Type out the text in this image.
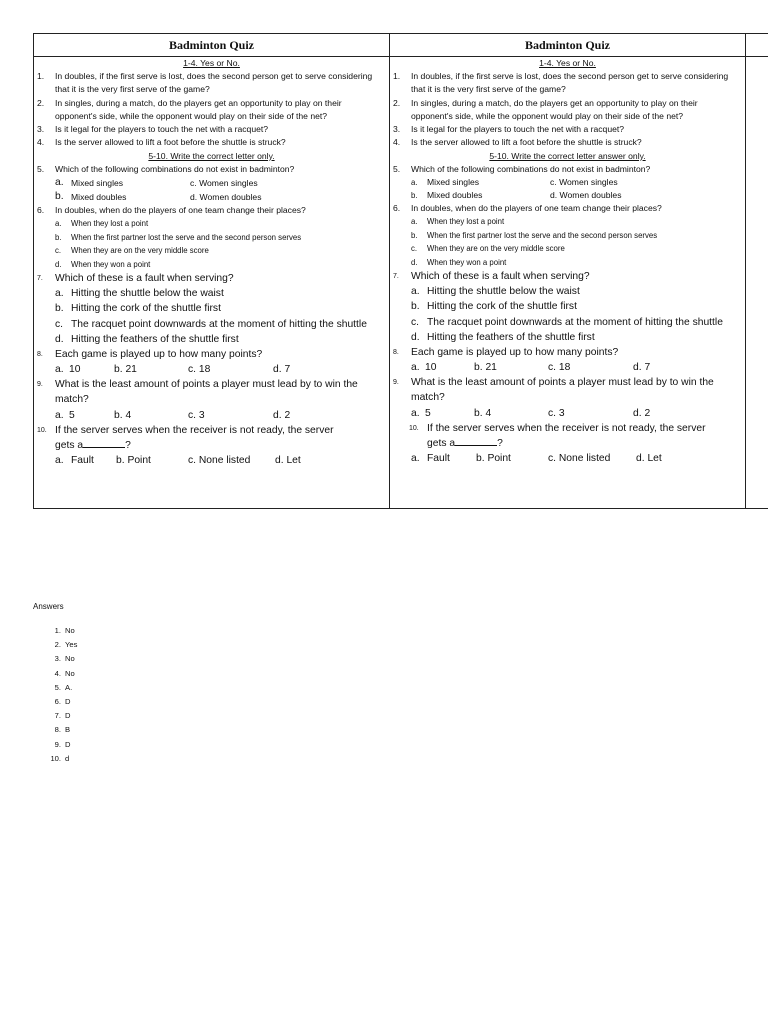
Badminton Quiz
1-4. Yes or No.
1. In doubles, if the first serve is lost, does the second person get to serve considering that it is the very first serve of the game?
2. In singles, during a match, do the players get an opportunity to play on their opponent's side, while the opponent would play on their side of the net?
3. Is it legal for the players to touch the net with a racquet?
4. Is the server allowed to lift a foot before the shuttle is struck?
5-10. Write the correct letter only.
5. Which of the following combinations do not exist in badminton?
a. Mixed singles	c. Women singles
b. Mixed doubles	d. Women doubles
6. In doubles, when do the players of one team change their places?
a. When they lost a point
b. When the first partner lost the serve and the second person serves
c. When they are on the very middle score
d. When they won a point
7. Which of these is a fault when serving?
a. Hitting the shuttle below the waist
b. Hitting the cork of the shuttle first
c. The racquet point downwards at the moment of hitting the shuttle
d. Hitting the feathers of the shuttle first
8. Each game is played up to how many points?
a. 10	b. 21	c. 18	d. 7
9. What is the least amount of points a player must lead by to win the match?
a. 5	b. 4	c. 3	d. 2
10. If the server serves when the receiver is not ready, the server
gets a	?
a. Fault b. Point	c. None listed d. Let
Badminton Quiz
1-4. Yes or No.
1. In doubles, if the first serve is lost, does the second person get to serve considering that it is the very first serve of the game?
2. In singles, during a match, do the players get an opportunity to play on their opponent's side, while the opponent would play on their side of the net?
3. Is it legal for the players to touch the net with a racquet?
4. Is the server allowed to lift a foot before the shuttle is struck?
5-10. Write the correct letter answer only.
5. Which of the following combinations do not exist in badminton?
a. Mixed singles	c. Women singles
b. Mixed doubles	d. Women doubles
6. In doubles, when do the players of one team change their places?
a. When they lost a point
b. When the first partner lost the serve and the second person serves
c. When they are on the very middle score
d. When they won a point
7. Which of these is a fault when serving?
a. Hitting the shuttle below the waist
b. Hitting the cork of the shuttle first
c. The racquet point downwards at the moment of hitting the shuttle
d. Hitting the feathers of the shuttle first
8. Each game is played up to how many points?
a. 10	b. 21	c. 18	d. 7
9. What is the least amount of points a player must lead by to win the match?
a. 5	b. 4	c. 3	d. 2
10. If the server serves when the receiver is not ready, the server
gets a	?
a. Fault	b. Point	c. None listed d. Let
Answers
1. No
2. Yes
3. No
4. No
5. A.
6. D
7. D
8. B
9. D
10. d
